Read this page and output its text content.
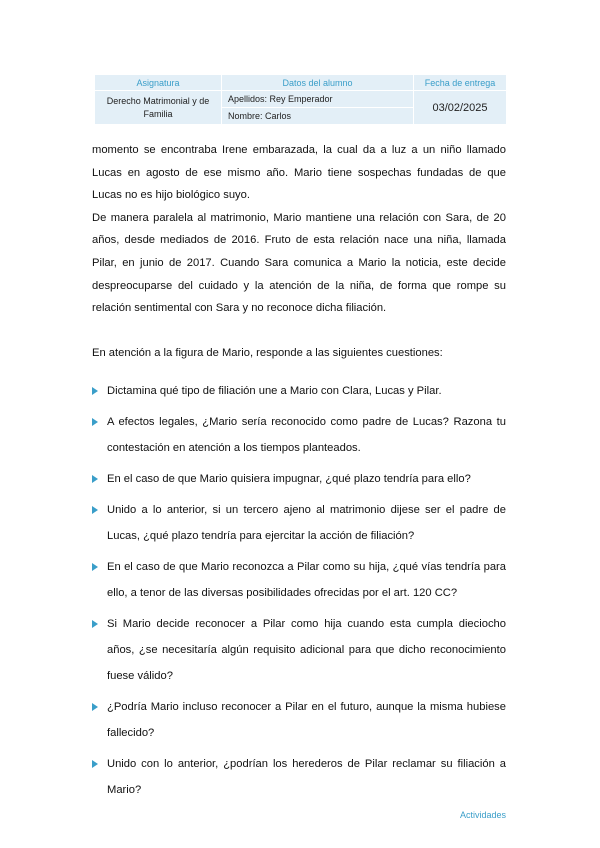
Asignatura	Datos del alumno	Fecha de entrega
Derecho Matrimonial y de Familia	Apellidos: Rey Emperador	03/02/2025
	Nombre: Carlos	

momento se encontraba Irene embarazada, la cual da a luz a un niño llamado Lucas en agosto de ese mismo año. Mario tiene sospechas fundadas de que Lucas no es hijo biológico suyo.

De manera paralela al matrimonio, Mario mantiene una relación con Sara, de 20 años, desde mediados de 2016. Fruto de esta relación nace una niña, llamada Pilar, en junio de 2017. Cuando Sara comunica a Mario la noticia, este decide despreocuparse del cuidado y la atención de la niña, de forma que rompe su relación sentimental con Sara y no reconoce dicha filiación.

En atención a la figura de Mario, responde a las siguientes cuestiones:

Dictamina qué tipo de filiación une a Mario con Clara, Lucas y Pilar.
A efectos legales, ¿Mario sería reconocido como padre de Lucas? Razona tu contestación en atención a los tiempos planteados.
En el caso de que Mario quisiera impugnar, ¿qué plazo tendría para ello?
Unido a lo anterior, si un tercero ajeno al matrimonio dijese ser el padre de Lucas, ¿qué plazo tendría para ejercitar la acción de filiación?
En el caso de que Mario reconozca a Pilar como su hija, ¿qué vías tendría para ello, a tenor de las diversas posibilidades ofrecidas por el art. 120 CC?
Si Mario decide reconocer a Pilar como hija cuando esta cumpla dieciocho años, ¿se necesitaría algún requisito adicional para que dicho reconocimiento fuese válido?
¿Podría Mario incluso reconocer a Pilar en el futuro, aunque la misma hubiese fallecido?
Unido con lo anterior, ¿podrían los herederos de Pilar reclamar su filiación a Mario?
Actividades
